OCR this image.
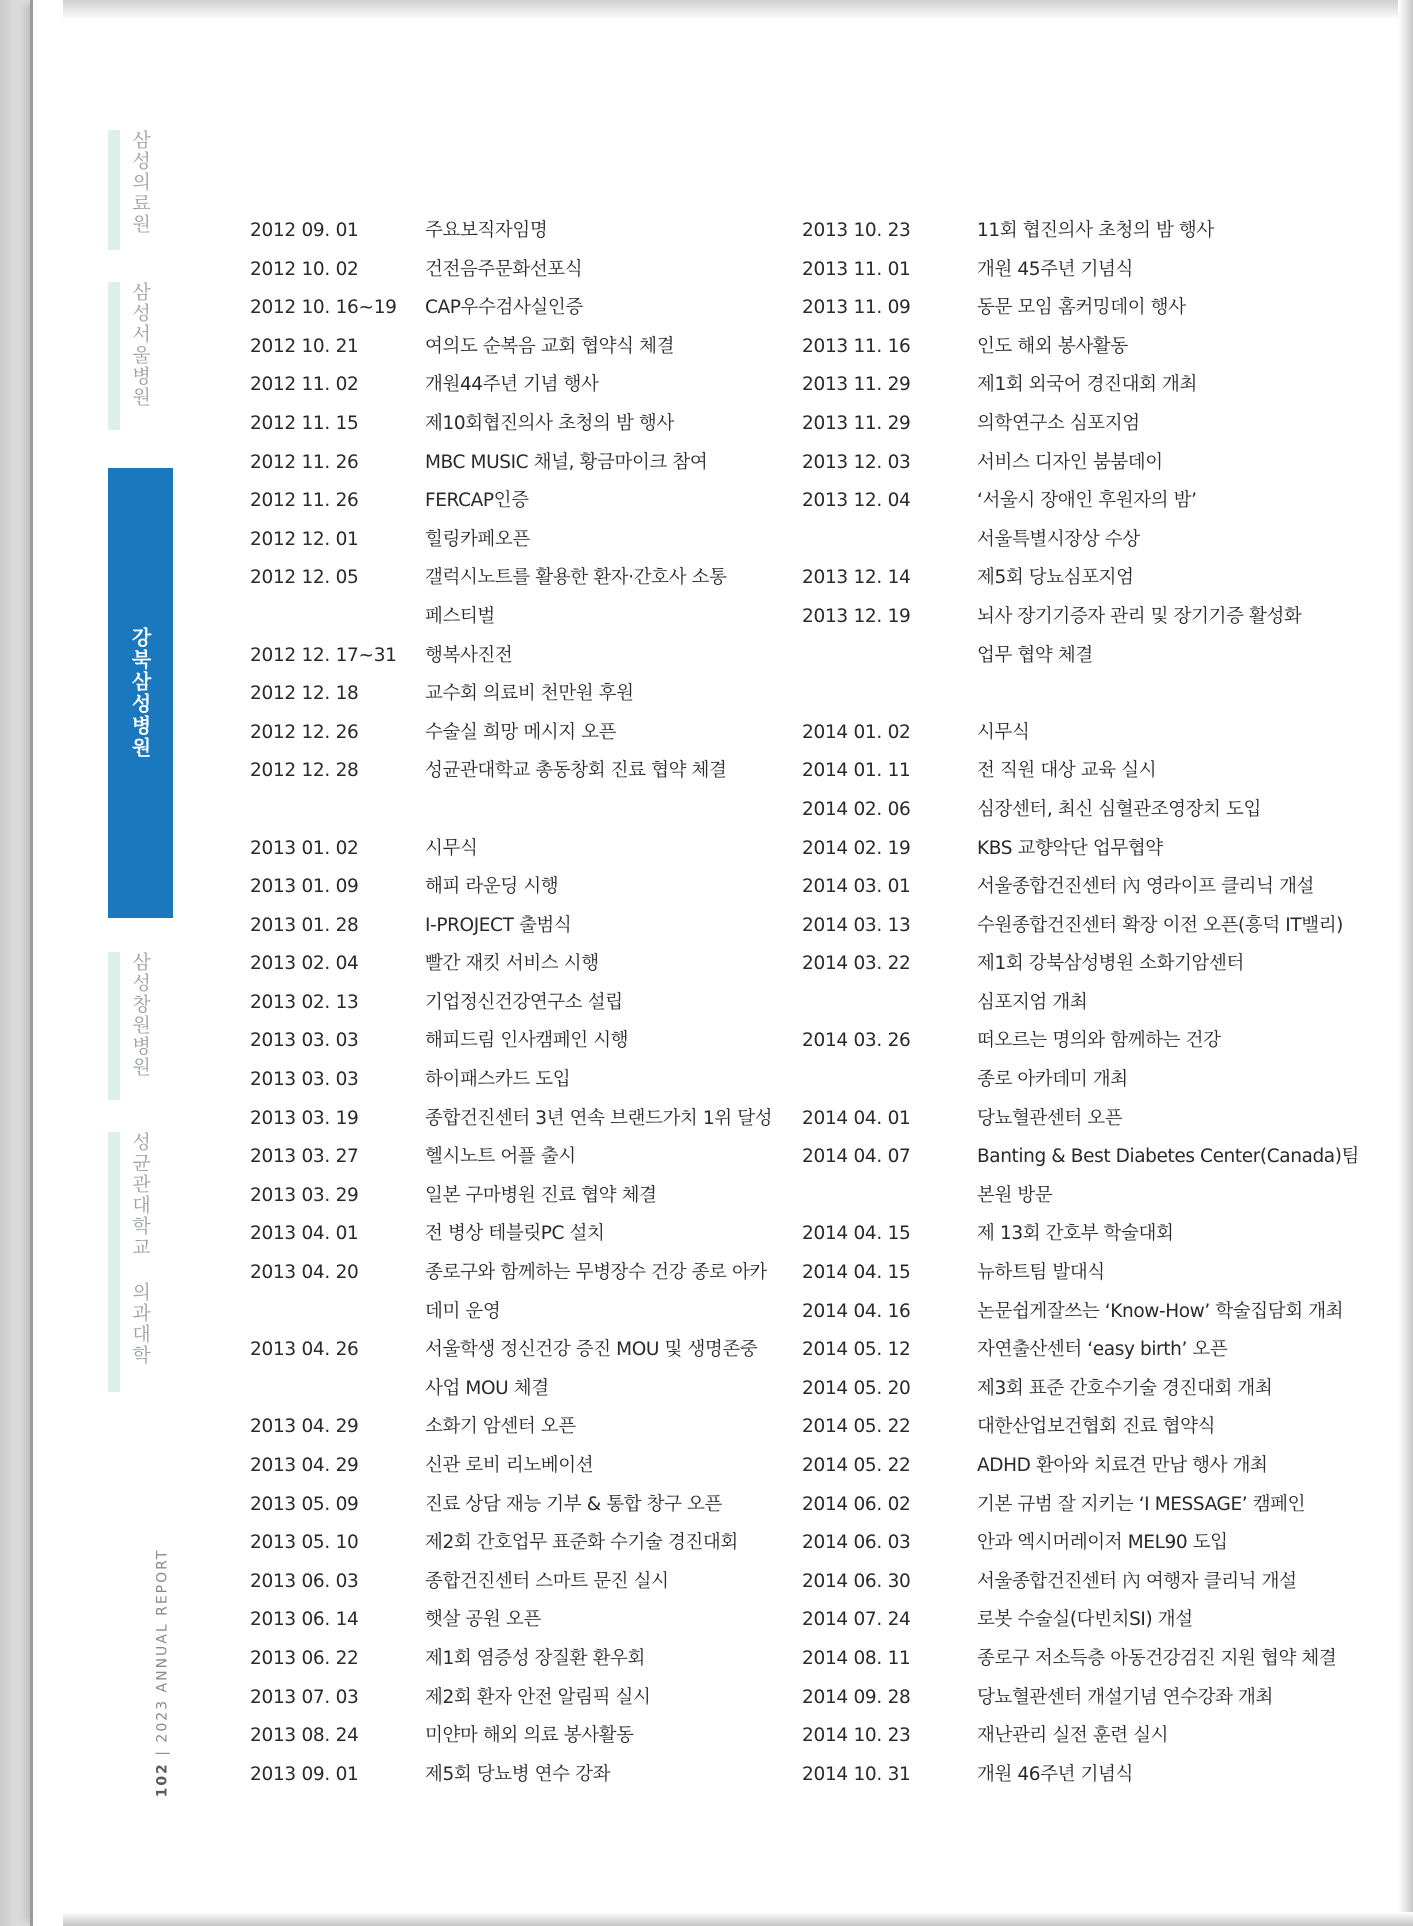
삼성의료원
삼성서울병원
강북삼성병원
삼성창원병원
성균관대학교 의과대학
102 | 2023 ANNUAL REPORT
2012 09. 01	주요보직자임명
2012 10. 02	건전음주문화선포식
2012 10. 16~19	CAP우수검사실인증
2012 10. 21	여의도 순복음 교회 협약식 체결
2012 11. 02	개원44주년 기념 행사
2012 11. 15	제10회협진의사 초청의 밤 행사
2012 11. 26	MBC MUSIC 채널, 황금마이크 참여
2012 11. 26	FERCAP인증
2012 12. 01	힐링카페오픈
2012 12. 05	갤럭시노트를 활용한 환자·간호사 소통
페스티벌
2012 12. 17~31	행복사진전
2012 12. 18	교수회 의료비 천만원 후원
2012 12. 26	수술실 희망 메시지 오픈
2012 12. 28	성균관대학교 총동창회 진료 협약 체결
2013 01. 02	시무식
2013 01. 09	해피 라운딩 시행
2013 01. 28	I-PROJECT 출범식
2013 02. 04	빨간 재킷 서비스 시행
2013 02. 13	기업정신건강연구소 설립
2013 03. 03	해피드림 인사캠페인 시행
2013 03. 03	하이패스카드 도입
2013 03. 19	종합건진센터 3년 연속 브랜드가치 1위 달성
2013 03. 27	헬시노트 어플 출시
2013 03. 29	일본 구마병원 진료 협약 체결
2013 04. 01	전 병상 테블릿PC 설치
2013 04. 20	종로구와 함께하는 무병장수 건강 종로 아카
데미 운영
2013 04. 26	서울학생 정신건강 증진 MOU 및 생명존중
사업 MOU 체결
2013 04. 29	소화기 암센터 오픈
2013 04. 29	신관 로비 리노베이션
2013 05. 09	진료 상담 재능 기부 & 통합 창구 오픈
2013 05. 10	제2회 간호업무 표준화 수기술 경진대회
2013 06. 03	종합건진센터 스마트 문진 실시
2013 06. 14	햇살 공원 오픈
2013 06. 22	제1회 염증성 장질환 환우회
2013 07. 03	제2회 환자 안전 알림픽 실시
2013 08. 24	미얀마 해외 의료 봉사활동
2013 09. 01	제5회 당뇨병 연수 강좌
2013 10. 23	11회 협진의사 초청의 밤 행사
2013 11. 01	개원 45주년 기념식
2013 11. 09	동문 모임 홈커밍데이 행사
2013 11. 16	인도 해외 봉사활동
2013 11. 29	제1회 외국어 경진대회 개최
2013 11. 29	의학연구소 심포지엄
2013 12. 03	서비스 디자인 붐붐데이
2013 12. 04	‘서울시 장애인 후원자의 밤’
서울특별시장상 수상
2013 12. 14	제5회 당뇨심포지엄
2013 12. 19	뇌사 장기기증자 관리 및 장기기증 활성화
업무 협약 체결
2014 01. 02	시무식
2014 01. 11	전 직원 대상 교육 실시
2014 02. 06	심장센터, 최신 심혈관조영장치 도입
2014 02. 19	KBS 교향악단 업무협약
2014 03. 01	서울종합건진센터 內 영라이프 클리닉 개설
2014 03. 13	수원종합건진센터 확장 이전 오픈(흥덕 IT밸리)
2014 03. 22	제1회 강북삼성병원 소화기암센터
심포지엄 개최
2014 03. 26	떠오르는 명의와 함께하는 건강
종로 아카데미 개최
2014 04. 01	당뇨혈관센터 오픈
2014 04. 07	Banting & Best Diabetes Center(Canada)팀
본원 방문
2014 04. 15	제 13회 간호부 학술대회
2014 04. 15	뉴하트팀 발대식
2014 04. 16	논문쉽게잘쓰는 ‘Know-How’ 학술집담회 개최
2014 05. 12	자연출산센터 ‘easy birth’ 오픈
2014 05. 20	제3회 표준 간호수기술 경진대회 개최
2014 05. 22	대한산업보건협회 진료 협약식
2014 05. 22	ADHD 환아와 치료견 만남 행사 개최
2014 06. 02	기본 규범 잘 지키는 ‘I MESSAGE’ 캠페인
2014 06. 03	안과 엑시머레이저 MEL90 도입
2014 06. 30	서울종합건진센터 內 여행자 클리닉 개설
2014 07. 24	로봇 수술실(다빈치SI) 개설
2014 08. 11	종로구 저소득층 아동건강검진 지원 협약 체결
2014 09. 28	당뇨혈관센터 개설기념 연수강좌 개최
2014 10. 23	재난관리 실전 훈련 실시
2014 10. 31	개원 46주년 기념식
